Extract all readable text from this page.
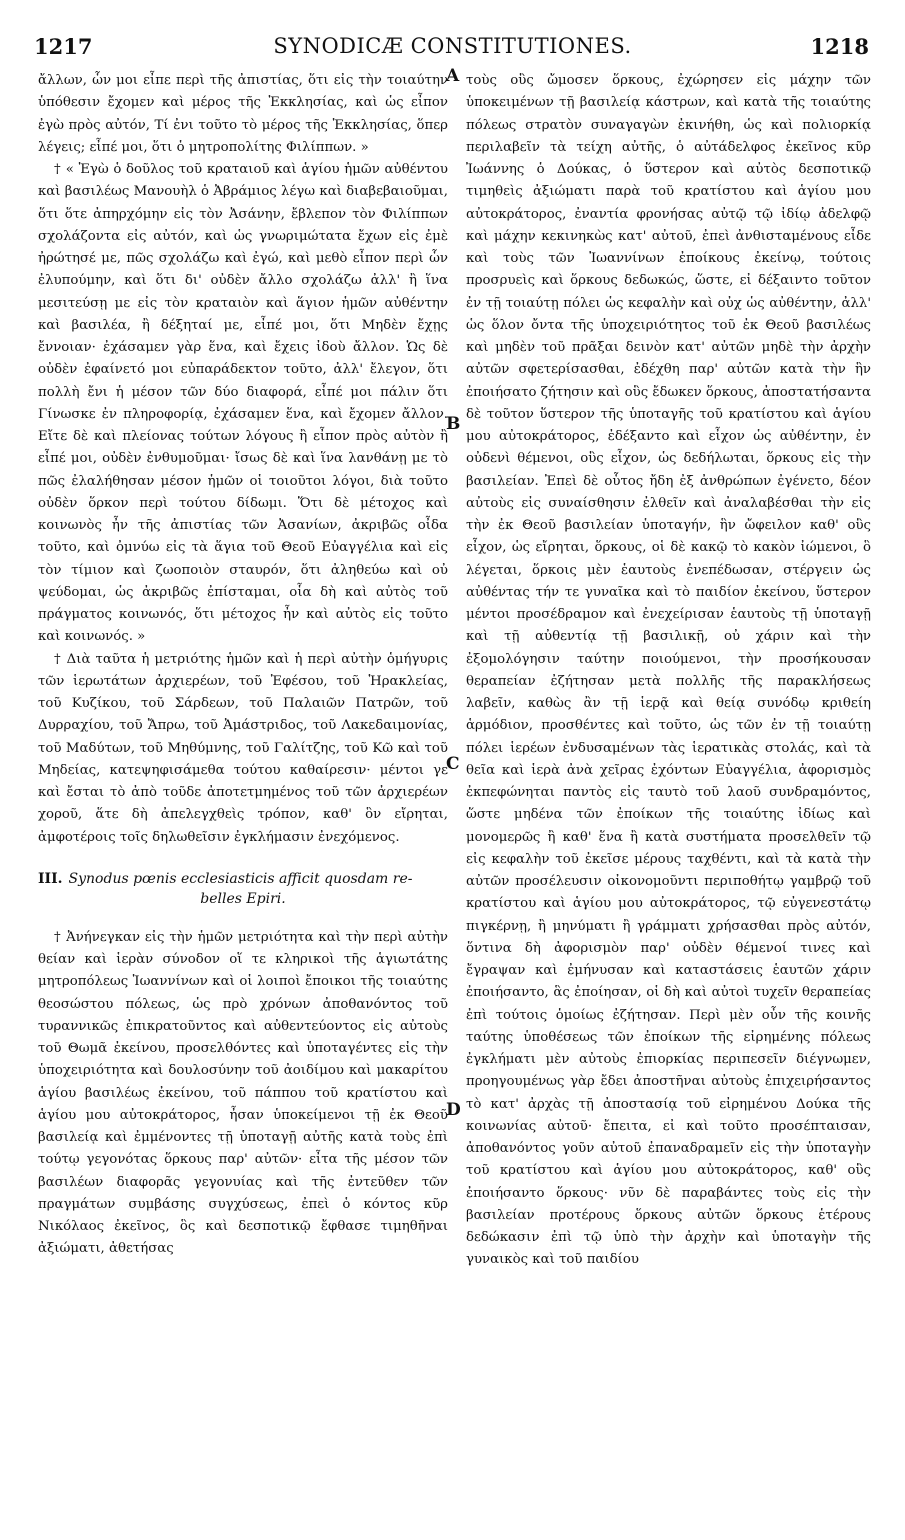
1217	SYNODICÆ CONSTITUTIONES.	1218
A
B
C
D

ἄλλων, ὧν μοι εἶπε περὶ τῆς ἀπιστίας, ὅτι εἰς τὴν τοιαύτην ὑπόθεσιν ἔχομεν καὶ μέρος τῆς Ἐκκλησίας, καὶ ὡς εἶπον ἐγὼ πρὸς αὐτόν, Τί ἐνι τοῦτο τὸ μέρος τῆς Ἐκκλησίας, ὅπερ λέγεις; εἶπέ μοι, ὅτι ὁ μητροπολίτης Φιλίππων. »

† « Ἐγὼ ὁ δοῦλος τοῦ κραταιοῦ καὶ ἁγίου ἡμῶν αὐθέντου καὶ βασιλέως Μανουὴλ ὁ Ἀβράμιος λέγω καὶ διαβεβαιοῦμαι, ὅτι ὅτε ἀπηρχόμην εἰς τὸν Ἀσάνην, ἔβλεπον τὸν Φιλίππων σχολάζοντα εἰς αὐτόν, καὶ ὡς γνωριμώτατα ἔχων εἰς ἐμὲ ἠρώτησέ με, πῶς σχολάζω καὶ ἐγώ, καὶ μεθὸ εἶπον περὶ ὧν ἐλυπούμην, καὶ ὅτι δι' οὐδὲν ἄλλο σχολάζω ἀλλ' ἢ ἵνα μεσιτεύσῃ με εἰς τὸν κραταιὸν καὶ ἅγιον ἡμῶν αὐθέντην καὶ βασιλέα, ἢ δέξηταί με, εἶπέ μοι, ὅτι Μηδὲν ἔχῃς ἔννοιαν· ἐχάσαμεν γὰρ ἕνα, καὶ ἔχεις ἰδοὺ ἄλλον. Ὡς δὲ οὐδὲν ἐφαίνετό μοι εὐπαράδεκτον τοῦτο, ἀλλ' ἔλεγον, ὅτι πολλὴ ἔνι ἡ μέσον τῶν δύο διαφορά, εἶπέ μοι πάλιν ὅτι Γίνωσκε ἐν πληροφορίᾳ, ἐχάσαμεν ἕνα, καὶ ἔχομεν ἄλλον. Εἴτε δὲ καὶ πλείονας τούτων λόγους ἢ εἶπον πρὸς αὐτὸν ἢ εἶπέ μοι, οὐδὲν ἐνθυμοῦμαι· ἴσως δὲ καὶ ἵνα λανθάνῃ με τὸ πῶς ἐλαλήθησαν μέσον ἡμῶν οἱ τοιοῦτοι λόγοι, διὰ τοῦτο οὐδὲν ὅρκον περὶ τούτου δίδωμι. Ὅτι δὲ μέτοχος καὶ κοινωνὸς ἦν τῆς ἀπιστίας τῶν Ἀσανίων, ἀκριβῶς οἶδα τοῦτο, καὶ ὀμνύω εἰς τὰ ἅγια τοῦ Θεοῦ Εὐαγγέλια καὶ εἰς τὸν τίμιον καὶ ζωοποιὸν σταυρόν, ὅτι ἀληθεύω καὶ οὐ ψεύδομαι, ὡς ἀκριβῶς ἐπίσταμαι, οἷα δὴ καὶ αὐτὸς τοῦ πράγματος κοινωνός, ὅτι μέτοχος ἦν καὶ αὐτὸς εἰς τοῦτο καὶ κοινωνός. »

† Διὰ ταῦτα ἡ μετριότης ἡμῶν καὶ ἡ περὶ αὐτὴν ὁμήγυρις τῶν ἱερωτάτων ἀρχιερέων, τοῦ Ἐφέσου, τοῦ Ἡρακλείας, τοῦ Κυζίκου, τοῦ Σάρδεων, τοῦ Παλαιῶν Πατρῶν, τοῦ Δυρραχίου, τοῦ Ἄπρω, τοῦ Ἀμάστριδος, τοῦ Λακεδαιμονίας, τοῦ Μαδύτων, τοῦ Μηθύμνης, τοῦ Γαλίτζης, τοῦ Κῶ καὶ τοῦ Μηδείας, κατεψηφισάμεθα τούτου καθαίρεσιν· μέντοι γε καὶ ἔσται τὸ ἀπὸ τοῦδε ἀποτετμημένος τοῦ τῶν ἀρχιερέων χοροῦ, ἅτε δὴ ἀπελεγχθεὶς τρόπον, καθ' ὃν εἴρηται, ἀμφοτέροις τοῖς δηλωθεῖσιν ἐγκλήμασιν ἐνεχόμενος.

III. Synodus pœnis ecclesiasticis afficit quosdam re-
belles Epiri.

† Ἀνήνεγκαν εἰς τὴν ἡμῶν μετριότητα καὶ τὴν περὶ αὐτὴν θείαν καὶ ἱερὰν σύνοδον οἵ τε κληρικοὶ τῆς ἁγιωτάτης μητροπόλεως Ἰωαννίνων καὶ οἱ λοιποὶ ἔποικοι τῆς τοιαύτης θεοσώστου πόλεως, ὡς πρὸ χρόνων ἀποθανόντος τοῦ τυραννικῶς ἐπικρατοῦντος καὶ αὐθεντεύοντος εἰς αὐτοὺς τοῦ Θωμᾶ ἐκείνου, προσελθόντες καὶ ὑποταγέντες εἰς τὴν ὑποχειριότητα καὶ δουλοσύνην τοῦ ἀοιδίμου καὶ μακαρίτου ἁγίου βασιλέως ἐκείνου, τοῦ πάππου τοῦ κρατίστου καὶ ἁγίου μου αὐτοκράτορος, ἦσαν ὑποκείμενοι τῇ ἐκ Θεοῦ βασιλείᾳ καὶ ἐμμένοντες τῇ ὑποταγῇ αὐτῆς κατὰ τοὺς ἐπὶ τούτῳ γεγονότας ὅρκους παρ' αὐτῶν· εἶτα τῆς μέσον τῶν βασιλέων διαφορᾶς γεγονυίας καὶ τῆς ἐντεῦθεν τῶν πραγμάτων συμβάσης συγχύσεως, ἐπεὶ ὁ κόντος κῦρ Νικόλαος ἐκεῖνος, ὃς καὶ δεσποτικῷ ἔφθασε τιμηθῆναι ἀξιώματι, ἀθετήσας

τοὺς οὓς ὤμοσεν ὅρκους, ἐχώρησεν εἰς μάχην τῶν ὑποκειμένων τῇ βασιλείᾳ κάστρων, καὶ κατὰ τῆς τοιαύτης πόλεως στρατὸν συναγαγὼν ἐκινήθη, ὡς καὶ πολιορκίᾳ περιλαβεῖν τὰ τείχη αὐτῆς, ὁ αὐτάδελφος ἐκεῖνος κῦρ Ἰωάννης ὁ Δούκας, ὁ ὕστερον καὶ αὐτὸς δεσποτικῷ τιμηθεὶς ἀξιώματι παρὰ τοῦ κρατίστου καὶ ἁγίου μου αὐτοκράτορος, ἐναντία φρονήσας αὐτῷ τῷ ἰδίῳ ἀδελφῷ καὶ μάχην κεκινηκὼς κατ' αὐτοῦ, ἐπεὶ ἀνθισταμένους εἶδε καὶ τοὺς τῶν Ἰωαννίνων ἐποίκους ἐκείνῳ, τούτοις προσρυεὶς καὶ ὅρκους δεδωκώς, ὥστε, εἰ δέξαιντο τοῦτον ἐν τῇ τοιαύτῃ πόλει ὡς κεφαλὴν καὶ οὐχ ὡς αὐθέντην, ἀλλ' ὡς ὅλον ὄντα τῆς ὑποχειριότητος τοῦ ἐκ Θεοῦ βασιλέως καὶ μηδὲν τοῦ πρᾶξαι δεινὸν κατ' αὐτῶν μηδὲ τὴν ἀρχὴν αὐτῶν σφετερίσασθαι, ἐδέχθη παρ' αὐτῶν κατὰ τὴν ἣν ἐποιήσατο ζήτησιν καὶ οὓς ἔδωκεν ὅρκους, ἀποστατήσαντα δὲ τοῦτον ὕστερον τῆς ὑποταγῆς τοῦ κρατίστου καὶ ἁγίου μου αὐτοκράτορος, ἐδέξαντο καὶ εἶχον ὡς αὐθέντην, ἐν οὐδενὶ θέμενοι, οὓς εἶχον, ὡς δεδήλωται, ὅρκους εἰς τὴν βασιλείαν. Ἐπεὶ δὲ οὗτος ἤδη ἐξ ἀνθρώπων ἐγένετο, δέον αὐτοὺς εἰς συναίσθησιν ἐλθεῖν καὶ ἀναλαβέσθαι τὴν εἰς τὴν ἐκ Θεοῦ βασιλείαν ὑποταγήν, ἣν ὤφειλον καθ' οὓς εἶχον, ὡς εἴρηται, ὅρκους, οἱ δὲ κακῷ τὸ κακὸν ἰώμενοι, ὃ λέγεται, ὅρκοις μὲν ἑαυτοὺς ἐνεπέδωσαν, στέργειν ὡς αὐθέντας τήν τε γυναῖκα καὶ τὸ παιδίον ἐκείνου, ὕστερον μέντοι προσέδραμον καὶ ἐνεχείρισαν ἑαυτοὺς τῇ ὑποταγῇ καὶ τῇ αὐθεντίᾳ τῇ βασιλικῇ, οὐ χάριν καὶ τὴν ἐξομολόγησιν ταύτην ποιούμενοι, τὴν προσήκουσαν θεραπείαν ἐζήτησαν μετὰ πολλῆς τῆς παρακλήσεως λαβεῖν, καθὼς ἂν τῇ ἱερᾷ καὶ θείᾳ συνόδῳ κριθείη ἁρμόδιον, προσθέντες καὶ τοῦτο, ὡς τῶν ἐν τῇ τοιαύτῃ πόλει ἱερέων ἐνδυσαμένων τὰς ἱερατικὰς στολάς, καὶ τὰ θεῖα καὶ ἱερὰ ἀνὰ χεῖρας ἐχόντων Εὐαγγέλια, ἀφορισμὸς ἐκπεφώνηται παντὸς εἰς ταυτὸ τοῦ λαοῦ συνδραμόντος, ὥστε μηδένα τῶν ἐποίκων τῆς τοιαύτης ἰδίως καὶ μονομερῶς ἢ καθ' ἕνα ἢ κατὰ συστήματα προσελθεῖν τῷ εἰς κεφαλὴν τοῦ ἐκεῖσε μέρους ταχθέντι, καὶ τὰ κατὰ τὴν αὐτῶν προσέλευσιν οἰκονομοῦντι περιποθήτῳ γαμβρῷ τοῦ κρατίστου καὶ ἁγίου μου αὐτοκράτορος, τῷ εὐγενεστάτῳ πιγκέρνῃ, ἢ μηνύματι ἢ γράμματι χρήσασθαι πρὸς αὐτόν, ὅντινα δὴ ἀφορισμὸν παρ' οὐδὲν θέμενοί τινες καὶ ἔγραψαν καὶ ἐμήνυσαν καὶ καταστάσεις ἑαυτῶν χάριν ἐποιήσαντο, ἃς ἐποίησαν, οἱ δὴ καὶ αὐτοὶ τυχεῖν θεραπείας ἐπὶ τούτοις ὁμοίως ἐζήτησαν. Περὶ μὲν οὖν τῆς κοινῆς ταύτης ὑποθέσεως τῶν ἐποίκων τῆς εἰρημένης πόλεως ἐγκλήματι μὲν αὐτοὺς ἐπιορκίας περιπεσεῖν διέγνωμεν, προηγουμένως γὰρ ἔδει ἀποστῆναι αὐτοὺς ἐπιχειρήσαντος τὸ κατ' ἀρχὰς τῇ ἀποστασίᾳ τοῦ εἰρημένου Δούκα τῆς κοινωνίας αὐτοῦ· ἔπειτα, εἰ καὶ τοῦτο προσέπταισαν, ἀποθανόντος γοῦν αὐτοῦ ἐπαναδραμεῖν εἰς τὴν ὑποταγὴν τοῦ κρατίστου καὶ ἁγίου μου αὐτοκράτορος, καθ' οὓς ἐποιήσαντο ὅρκους· νῦν δὲ παραβάντες τοὺς εἰς τὴν βασιλείαν προτέρους ὅρκους αὐτῶν ὅρκους ἑτέρους δεδώκασιν ἐπὶ τῷ ὑπὸ τὴν ἀρχὴν καὶ ὑποταγὴν τῆς γυναικὸς καὶ τοῦ παιδίου
